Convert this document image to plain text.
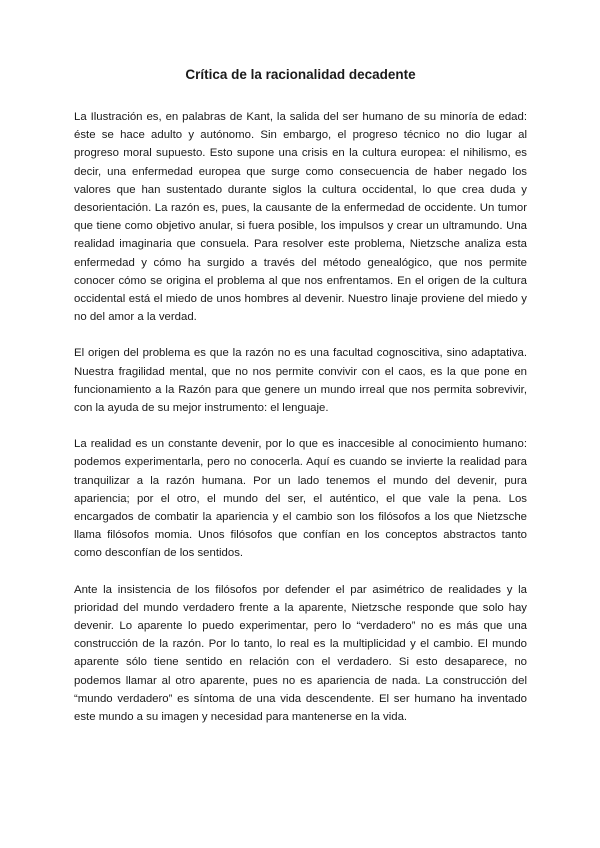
Crítica de la racionalidad decadente

La Ilustración es, en palabras de Kant, la salida del ser humano de su minoría de edad: éste se hace adulto y autónomo. Sin embargo, el progreso técnico no dio lugar al progreso moral supuesto. Esto supone una crisis en la cultura europea: el nihilismo, es decir, una enfermedad europea que surge como consecuencia de haber negado los valores que han sustentado durante siglos la cultura occidental, lo que crea duda y desorientación. La razón es, pues, la causante de la enfermedad de occidente. Un tumor que tiene como objetivo anular, si fuera posible, los impulsos y crear un ultramundo. Una realidad imaginaria que consuela. Para resolver este problema, Nietzsche analiza esta enfermedad y cómo ha surgido a través del método genealógico, que nos permite conocer cómo se origina el problema al que nos enfrentamos. En el origen de la cultura occidental está el miedo de unos hombres al devenir. Nuestro linaje proviene del miedo y no del amor a la verdad.

El origen del problema es que la razón no es una facultad cognoscitiva, sino adaptativa. Nuestra fragilidad mental, que no nos permite convivir con el caos, es la que pone en funcionamiento a la Razón para que genere un mundo irreal que nos permita sobrevivir, con la ayuda de su mejor instrumento: el lenguaje.

La realidad es un constante devenir, por lo que es inaccesible al conocimiento humano: podemos experimentarla, pero no conocerla. Aquí es cuando se invierte la realidad para tranquilizar a la razón humana. Por un lado tenemos el mundo del devenir, pura apariencia; por el otro, el mundo del ser, el auténtico, el que vale la pena. Los encargados de combatir la apariencia y el cambio son los filósofos a los que Nietzsche llama filósofos momia. Unos filósofos que confían en los conceptos abstractos tanto como desconfían de los sentidos.

Ante la insistencia de los filósofos por defender el par asimétrico de realidades y la prioridad del mundo verdadero frente a la aparente, Nietzsche responde que solo hay devenir. Lo aparente lo puedo experimentar, pero lo “verdadero” no es más que una construcción de la razón. Por lo tanto, lo real es la multiplicidad y el cambio. El mundo aparente sólo tiene sentido en relación con el verdadero. Si esto desaparece, no podemos llamar al otro aparente, pues no es apariencia de nada. La construcción del “mundo verdadero” es síntoma de una vida descendente. El ser humano ha inventado este mundo a su imagen y necesidad para mantenerse en la vida.
